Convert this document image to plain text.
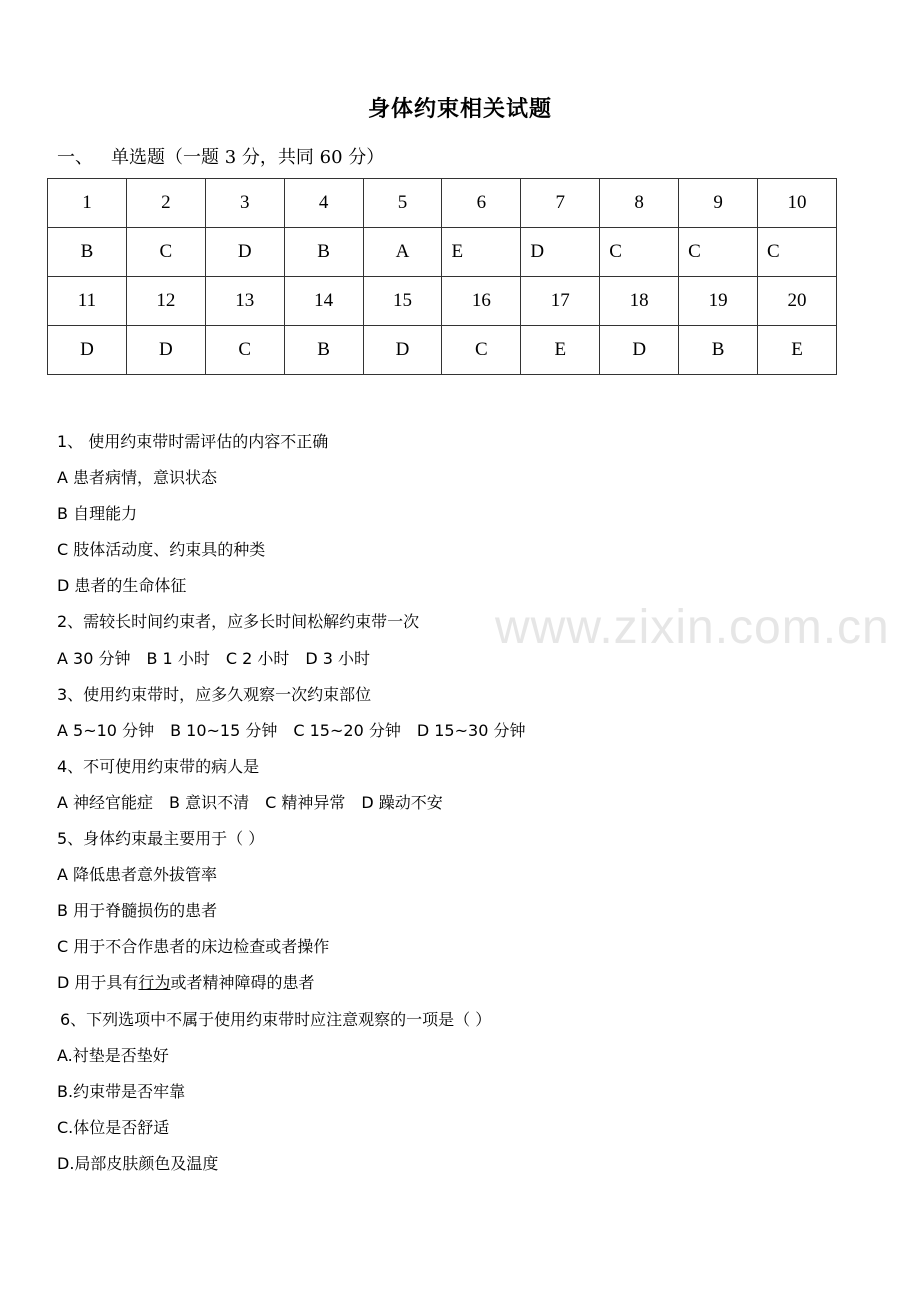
身体约束相关试题
一、 单选题（一题 3 分，共同 60 分）
1	2	3	4	5	6	7	8	9	10
B	C	D	B	A	E	D	C	C	C
11	12	13	14	15	16	17	18	19	20
D	D	C	B	D	C	E	D	B	E
www.zixin.com.cn
1、 使用约束带时需评估的内容不正确
A 患者病情，意识状态
B 自理能力
C 肢体活动度、约束具的种类
D 患者的生命体征
2、需较长时间约束者，应多长时间松解约束带一次
A 30 分钟 B 1 小时 C 2 小时 D 3 小时
3、使用约束带时，应多久观察一次约束部位
A 5~10 分钟 B 10~15 分钟 C 15~20 分钟 D 15~30 分钟
4、不可使用约束带的病人是
A 神经官能症 B 意识不清 C 精神异常 D 躁动不安
5、身体约束最主要用于（ ）
A 降低患者意外拔管率
B 用于脊髓损伤的患者
C 用于不合作患者的床边检查或者操作
D 用于具有行为或者精神障碍的患者
6、下列选项中不属于使用约束带时应注意观察的一项是（ ）
A.衬垫是否垫好
B.约束带是否牢靠
C.体位是否舒适
D.局部皮肤颜色及温度
